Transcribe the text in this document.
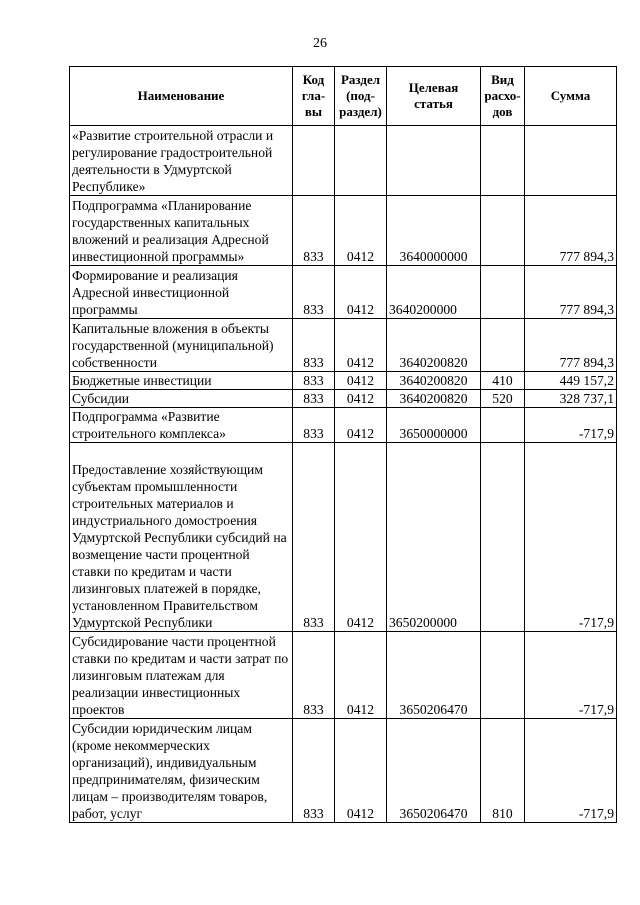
26
Наименование	Код гла-вы	Раздел (под-раздел)	Целевая статья	Вид расхо-дов	Сумма
«Развитие строительной отрасли и регулирование градостроительной деятельности в Удмуртской Республике»					
Подпрограмма «Планирование государственных капитальных вложений и реализация Адресной инвестиционной программы»	833	0412	3640000000		777 894,3
Формирование и реализация Адресной инвестиционной программы	833	0412	3640200000		777 894,3
Капитальные вложения в объекты государственной (муниципальной) собственности	833	0412	3640200820		777 894,3
Бюджетные инвестиции	833	0412	3640200820	410	449 157,2
Субсидии	833	0412	3640200820	520	328 737,1
Подпрограмма «Развитие строительного комплекса»	833	0412	3650000000		-717,9
Предоставление хозяйствующим субъектам промышленности строительных материалов и индустриального домостроения Удмуртской Республики субсидий на возмещение части процентной ставки по кредитам и части лизинговых платежей в порядке, установленном Правительством Удмуртской Республики	833	0412	3650200000		-717,9
Субсидирование части процентной ставки по кредитам и части затрат по лизинговым платежам для реализации инвестиционных проектов	833	0412	3650206470		-717,9
Субсидии юридическим лицам (кроме некоммерческих организаций), индивидуальным предпринимателям, физическим лицам – производителям товаров, работ, услуг	833	0412	3650206470	810	-717,9
